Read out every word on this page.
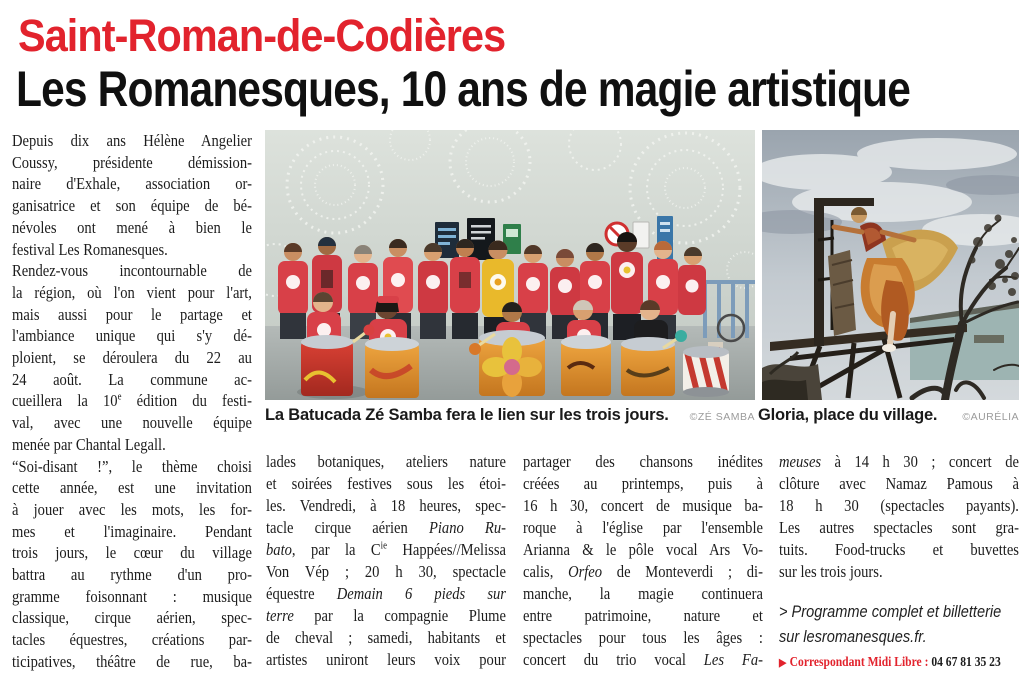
Saint-Roman-de-Codières
Les Romanesques, 10 ans de magie artistique
Depuis dix ans Hélène Angelier
Coussy, présidente démission-
naire d'Exhale, association or-
ganisatrice et son équipe de bé-
névoles ont mené à bien le
festival Les Romanesques.
Rendez-vous incontournable de
la région, où l'on vient pour l'art,
mais aussi pour le partage et
l'ambiance unique qui s'y dé-
ploient, se déroulera du 22 au
24 août. La commune ac-
cueillera la 10e édition du festi-
val, avec une nouvelle équipe
menée par Chantal Legall.
“Soi-disant !”, le thème choisi
cette année, est une invitation
à jouer avec les mots, les for-
mes et l'imaginaire. Pendant
trois jours, le cœur du village
battra au rythme d'un pro-
gramme foisonnant : musique
classique, cirque aérien, spec-
tacles équestres, créations par-
ticipatives, théâtre de rue, ba-
La Batucada Zé Samba fera le lien sur les trois jours. ©ZÉ SAMBA Gloria, place du village. ©AURÉLIA
lades botaniques, ateliers nature
et soirées festives sous les étoi-
les. Vendredi, à 18 heures, spec-
tacle cirque aérien Piano Ru-
bato, par la $C^{ie}$ Happées//Melissa
Von Vép ; 20 h 30, spectacle
équestre Demain 6 pieds sur
terre par la compagnie Plume
de cheval ; samedi, habitants et
artistes uniront leurs voix pour
partager des chansons inédites
créées au printemps, puis à
16 h 30, concert de musique ba-
roque à l'église par l'ensemble
Arianna & le pôle vocal Ars Vo-
calis, Orfeo de Monteverdi ; di-
manche, la magie continuera
entre patrimoine, nature et
spectacles pour tous les âges :
concert du trio vocal Les Fa-
meuses à 14 h 30 ; concert de
clôture avec Namaz Pamous à
18 h 30 (spectacles payants).
Les autres spectacles sont gra-
tuits. Food-trucks et buvettes
sur les trois jours.
> Programme complet et billetterie
sur lesromanesques.fr.
▶ Correspondant Midi Libre : 04 67 81 35 23
